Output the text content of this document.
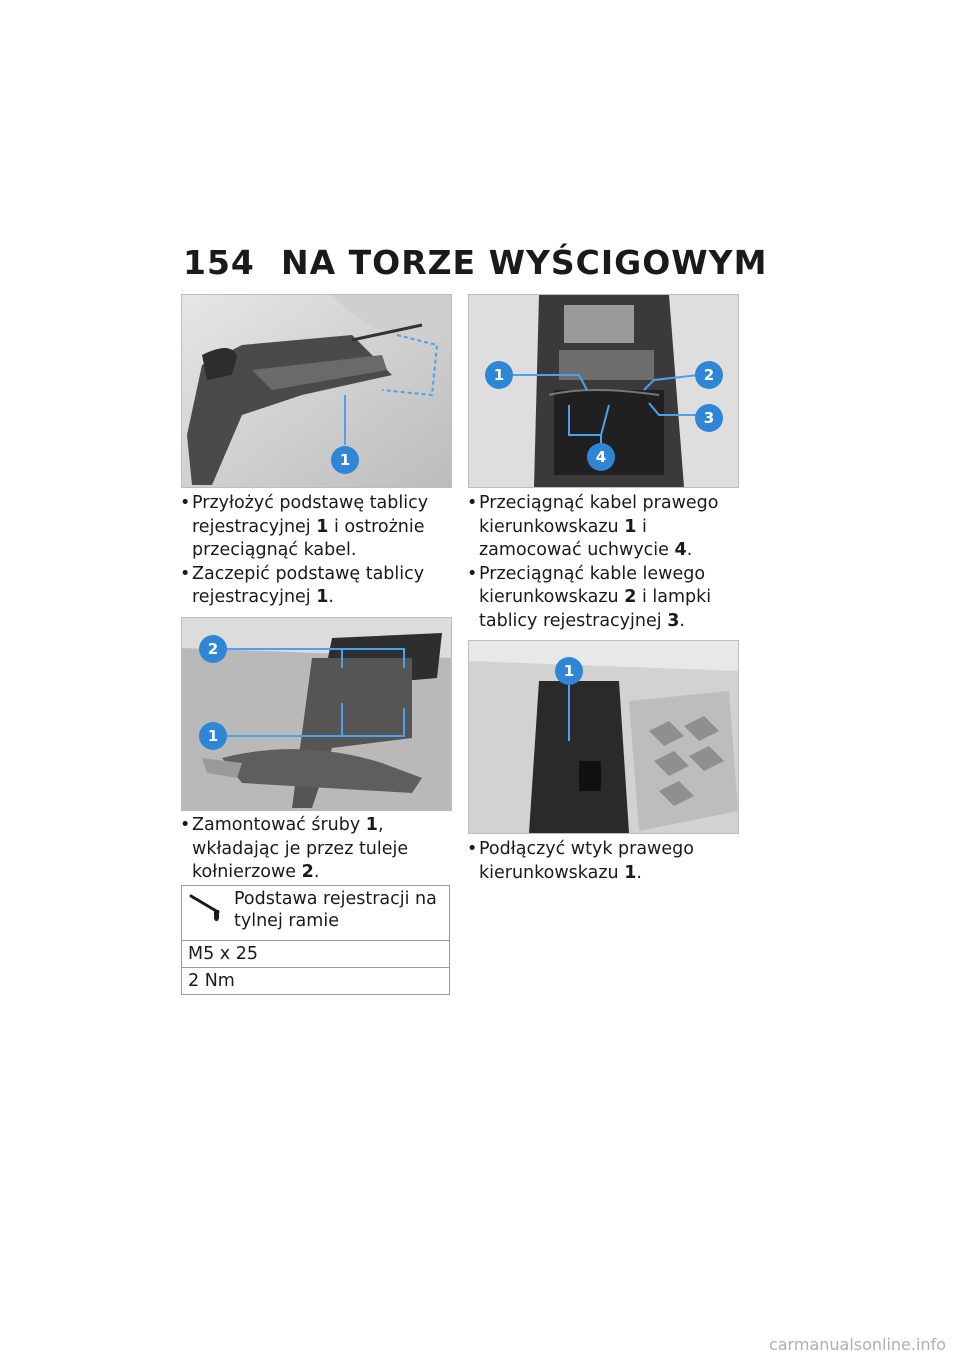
154 NA TORZE WYŚCIGOWYM
1
1	2
3
4
• Przyłożyć podstawę tablicy rejestracyjnej 1 i ostrożnie przeciągnąć kabel.
• Zaczepić podstawę tablicy rejestracyjnej 1.
• Przeciągnąć kabel prawego kierunkowskazu 1 i zamocować uchwycie 4.
• Przeciągnąć kable lewego kierunkowskazu 2 i lampki tablicy rejestracyjnej 3.
2
1
1
• Zamontować śruby 1, wkładając je przez tuleje kołnierzowe 2.
• Podłączyć wtyk prawego kierunkowskazu 1.
Podstawa rejestracji na tylnej ramie

M5 x 25
2 Nm
carmanualsonline.info
